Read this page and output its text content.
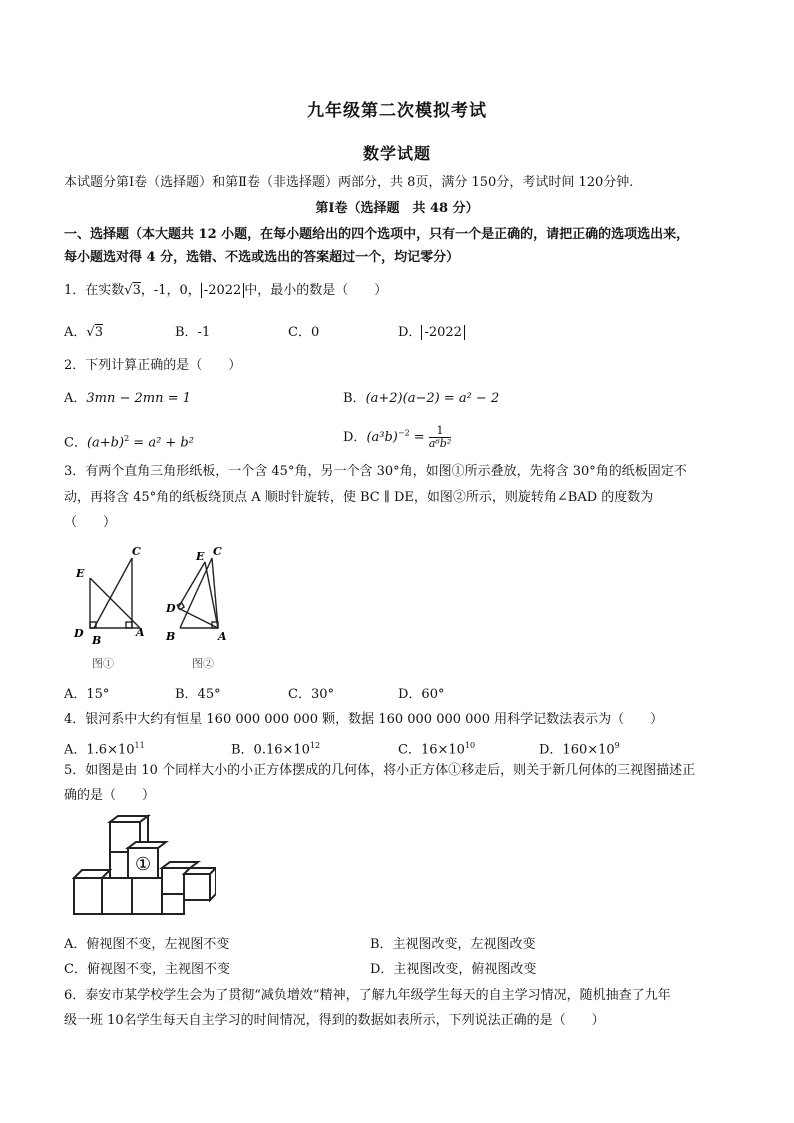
九年级第二次模拟考试
数学试题
本试题分第Ⅰ卷（选择题）和第Ⅱ卷（非选择题）两部分，共 8页，满分 150分，考试时间 120分钟.
第Ⅰ卷（选择题　共 48 分）
一、选择题（本大题共 12 小题，在每小题给出的四个选项中，只有一个是正确的，请把正确的选项选出来，
每小题选对得 4 分，选错、不选或选出的答案超过一个，均记零分）
1．在实数√3，-1，0， -2022 中，最小的数是（　　）
A．√3	B．-1	C．0	D． -2022
2．下列计算正确的是（　　）
A．3mn − 2mn = 1	B．(a+2)(a−2) = a² − 2
C．$(a+b)^2 = a^2 + b^2$	D．$(a^3b)^{-2} = \frac{1}{\text{a⁶b²}}$
3．有两个直角三角形纸板，一个含 45°角，另一个含 30°角，如图①所示叠放，先将含 30°角的纸板固定不
动，再将含 45°角的纸板绕顶点 A 顺时针旋转，使 BC ∥ DE，如图②所示，则旋转角∠BAD 的度数为
（　　）
C
E
D
B
A
图①
C
E
D
B	A
图②
A．15°	B．45°	C．30°	D．60°
4．银河系中大约有恒星 160 000 000 000 颗，数据 160 000 000 000 用科学记数法表示为（　　）
A．$1.6\times 10^{11}$	B．$0.16\times 10^{12}$	C．$16\times 10^{10}$	D．$160\times 10^9$
5．如图是由 10 个同样大小的小正方体摆成的几何体，将小正方体①移走后，则关于新几何体的三视图描述正
确的是（　　）
①
A．俯视图不变，左视图不变	B．主视图改变，左视图改变
C．俯视图不变，主视图不变	D．主视图改变，俯视图改变
6．泰安市某学校学生会为了贯彻“减负增效”精神，了解九年级学生每天的自主学习情况，随机抽查了九年
级一班 10名学生每天自主学习的时间情况，得到的数据如表所示，下列说法正确的是（　　）
